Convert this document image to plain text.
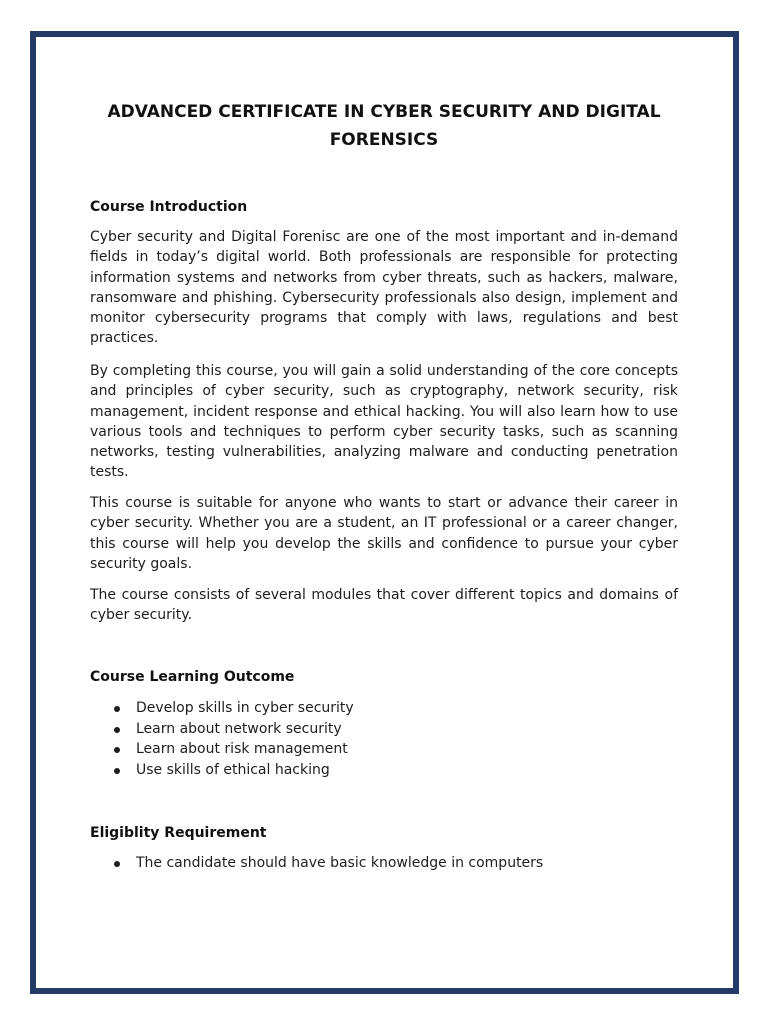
ADVANCED CERTIFICATE IN CYBER SECURITY AND DIGITAL FORENSICS
Course Introduction

Cyber security and Digital Forenisc are one of the most important and in-demand fields in today’s digital world. Both professionals are responsible for protecting information systems and networks from cyber threats, such as hackers, malware, ransomware and phishing. Cybersecurity professionals also design, implement and monitor cybersecurity programs that comply with laws, regulations and best practices.

By completing this course, you will gain a solid understanding of the core concepts and principles of cyber security, such as cryptography, network security, risk management, incident response and ethical hacking. You will also learn how to use various tools and techniques to perform cyber security tasks, such as scanning networks, testing vulnerabilities, analyzing malware and conducting penetration tests.

This course is suitable for anyone who wants to start or advance their career in cyber security. Whether you are a student, an IT professional or a career changer, this course will help you develop the skills and confidence to pursue your cyber security goals.

The course consists of several modules that cover different topics and domains of cyber security.

Course Learning Outcome
Develop skills in cyber security
Learn about network security
Learn about risk management
Use skills of ethical hacking
Eligiblity Requirement
The candidate should have basic knowledge in computers
